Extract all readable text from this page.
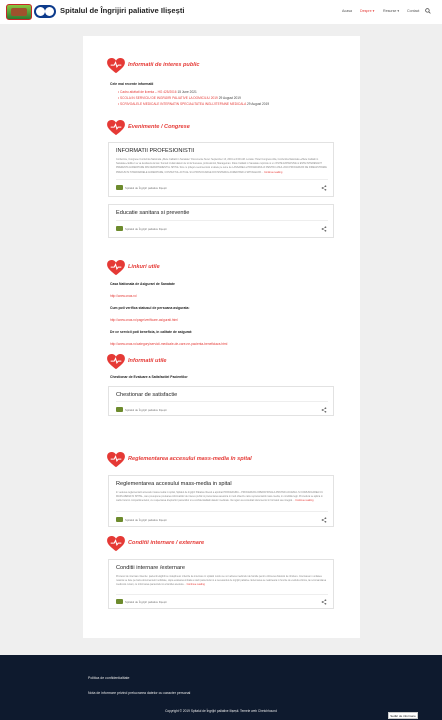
Spitalul de Îngrijiri paliative Ilișești	Acasa Despre ▾ Resurse ▾ Contact
Informatii de interes public
Cele mai recente informatii
• Cadru ativitati de licenta – HG 425/2016 15 June 2021
• SCOLA IN SERVICIU DE INGRIJIRI PALIATIVE LA DOMICILIU 2019 29 August 2019
• SCRIVOALELE MEDICALE INTERNATIN SPECIALITATEA INGLIJITEPAINE MEDICALA 29 August 2019
Evenimente / Congrese
INFORMATII PROFESIONISTII
Conferinte, Congrese Conferinta Nationala „Zilele Calitatii in Sanatate" Documente Suret: September 13, 2019 at 9:00 AM. Locatie: Hotel Congress Alta, Conferinta Nationala «Zilele Calitatii in Sanatate» Editia I se va desfasura la Iasi. Sunteti invitati alaturi de tot la Suceava, profesionisti, Manageman. Zilele Calitatii in Sanatate cuprinde si un VISITE EXPANSIVE si ESTE INTERESANT PREZENTA ACREDITARE DIN DEPARTAMENTUL SPITAL SAL cu prilejul evenimentului si altele pe teme de LANSAREA a PROGRAMULUI PENTRU ANUL 2019 PROCEDURII DE INREGISTRARE PRECUM SI STANDARDELE ACREDITARE, CONTEXTUL ACTUAL SI A PROVOCARILE DIN SISTEMUL ACREDITARI A SPITALELOR… Continue reading
Spitalul de Îngrijiri paliative Ilișești
Educatie sanitara si preventie
Spitalul de Îngrijiri paliative Ilișești
Linkuri utile
Casa Nationala de Asigurari de Sanatate
http://www.cnas.ro/
Cum poti verifica statusul de persoana asigurata:
http://www.cnas.ro/page/verificare-asigurati.html
De ce servicii poti beneficia, in calitate de asigurat:
http://www.cnas.ro/category/servicii-medicale-de-care-ne-pacienta-beneficiaza.html
Informatii utile
Chestionar de Evaluare a Satisfactiei Pacientilor
Chestionar de satisfactie
Spitalul de Îngrijiri paliative Ilișești
Reglementarea accesului mass-media în spital
Reglementarea accesului mass-media in spital
In vederea reglementarii accesului mass-media in spital, Spitalul de Ingrijiri Paliative Ilisesti a aprobat PROCEDURA – PROCEDURA OPERATIONALA PRIVIND ACCESUL SI COMUNICAREA CU MASS-MEDIA IN SPITAL, care presupune preluarea informatiilor de interes public si prezentarea acestora in mod obiectiv catre reprezentantii mass-media, in conditiile legii. Procedura se aplica in cadrul tuturor compartimentelor, cu respectarea drepturilor pacientilor si a confidentialitatii datelor medicale. Va rugam sa consultati documentul in formatul sau integral… Continue reading
Spitalul de Îngrijiri paliative Ilișești
Conditii internare / externare
Conditii internare /externare
Procesul de internare /Atentie: pacientii eligibili ce indeplinesc criteriile de internare in spitalul nostru se vor adresa medicului de familie pentru obtinerea biletului de trimitere. Internarea in unitatea noastra se face pe baza documentelor solicitate, dupa evaluarea initiala a starii pacientului si a necesarului de ingrijiri paliative. Externarea se realizeaza in functie de evolutia clinica, la recomandarea medicului curant, cu informarea pacientului si a familiei acestuia… Continue reading
Spitalul de Îngrijiri paliative Ilișești
Politica de confidentialitate
Nota de informare privind prelucrarea datelor cu caracter personal
Copyright © 2019 Spitalul de Îngrijiri paliative Ilișești. Temele web Chetchhound
Setări de informare
